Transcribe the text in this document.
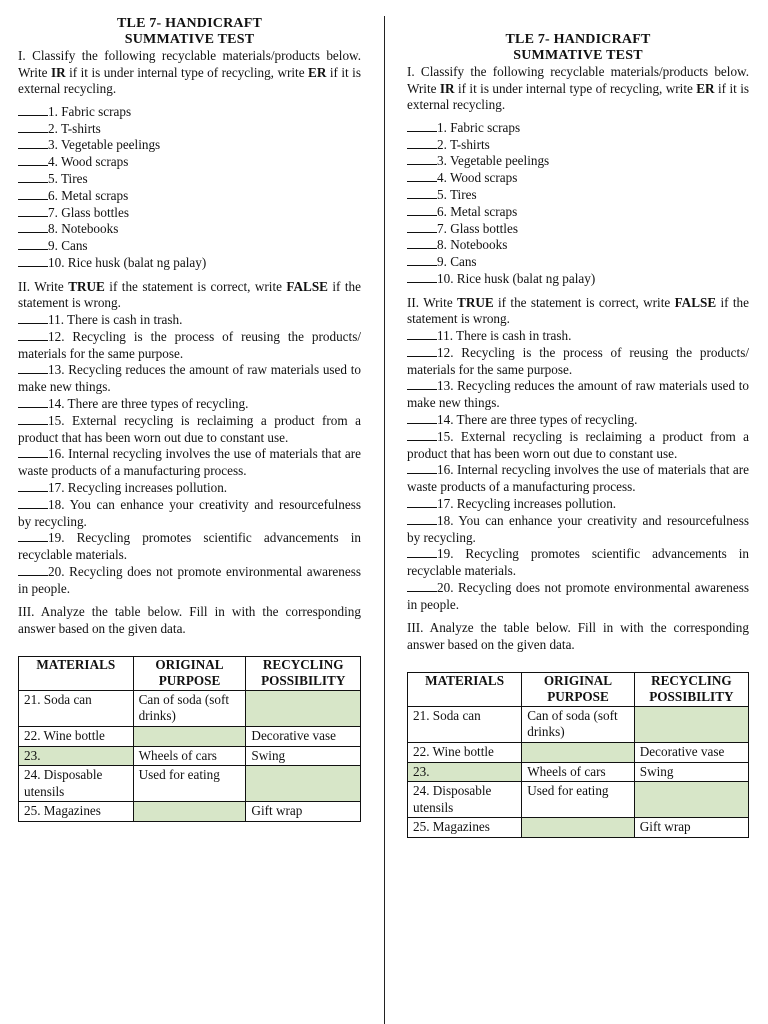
TLE 7- HANDICRAFT
SUMMATIVE TEST
I. Classify the following recyclable materials/products below. Write IR if it is under internal type of recycling, write ER if it is external recycling.
1. Fabric scraps
2. T-shirts
3. Vegetable peelings
4. Wood scraps
5. Tires
6. Metal scraps
7. Glass bottles
8. Notebooks
9. Cans
10. Rice husk (balat ng palay)
II. Write TRUE if the statement is correct, write FALSE if the statement is wrong.
11. There is cash in trash.
12. Recycling is the process of reusing the products/ materials for the same purpose.
13. Recycling reduces the amount of raw materials used to make new things.
14. There are three types of recycling.
15. External recycling is reclaiming a product from a product that has been worn out due to constant use.
16. Internal recycling involves the use of materials that are waste products of a manufacturing process.
17. Recycling increases pollution.
18. You can enhance your creativity and resourcefulness by recycling.
19. Recycling promotes scientific advancements in recyclable materials.
20. Recycling does not promote environmental awareness in people.
III. Analyze the table below. Fill in with the corresponding answer based on the given data.
MATERIALS	ORIGINAL PURPOSE	RECYCLING POSSIBILITY
21. Soda can	Can of soda (soft drinks)	
22. Wine bottle		Decorative vase
23.	Wheels of cars	Swing
24. Disposable utensils	Used for eating	
25. Magazines		Gift wrap
TLE 7- HANDICRAFT
SUMMATIVE TEST
I. Classify the following recyclable materials/products below. Write IR if it is under internal type of recycling, write ER if it is external recycling.
1. Fabric scraps
2. T-shirts
3. Vegetable peelings
4. Wood scraps
5. Tires
6. Metal scraps
7. Glass bottles
8. Notebooks
9. Cans
10. Rice husk (balat ng palay)
II. Write TRUE if the statement is correct, write FALSE if the statement is wrong.
11. There is cash in trash.
12. Recycling is the process of reusing the products/ materials for the same purpose.
13. Recycling reduces the amount of raw materials used to make new things.
14. There are three types of recycling.
15. External recycling is reclaiming a product from a product that has been worn out due to constant use.
16. Internal recycling involves the use of materials that are waste products of a manufacturing process.
17. Recycling increases pollution.
18. You can enhance your creativity and resourcefulness by recycling.
19. Recycling promotes scientific advancements in recyclable materials.
20. Recycling does not promote environmental awareness in people.
III. Analyze the table below. Fill in with the corresponding answer based on the given data.
MATERIALS	ORIGINAL PURPOSE	RECYCLING POSSIBILITY
21. Soda can	Can of soda (soft drinks)	
22. Wine bottle		Decorative vase
23.	Wheels of cars	Swing
24. Disposable utensils	Used for eating	
25. Magazines		Gift wrap
